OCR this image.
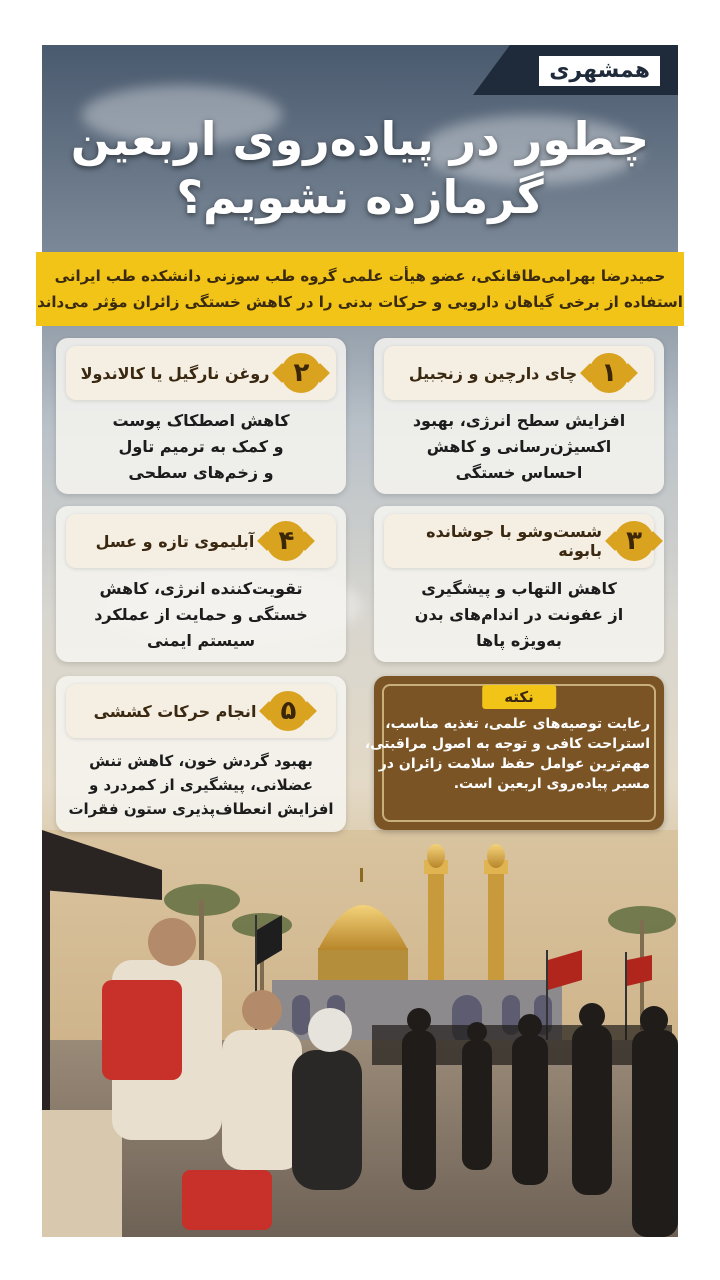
همشهری
چطور در پیاده‌روی اربعین
گرمازده نشویم؟
حمیدرضا بهرامی‌طاقانکی، عضو هیأت علمی گروه طب سوزنی دانشکده طب ایرانی
استفاده از برخی گیاهان دارویی و حرکات بدنی را در کاهش خستگی زائران مؤثر می‌داند
۱
چای دارچین و زنجبیل
افزایش سطح انرژی، بهبود
اکسیژن‌رسانی و کاهش
احساس خستگی
۲
روغن نارگیل یا کالاندولا
کاهش اصطکاک پوست
و کمک به ترمیم تاول
و زخم‌های سطحی
۳
شست‌وشو با جوشانده بابونه
کاهش التهاب و پیشگیری
از عفونت در اندام‌های بدن
به‌ویژه پاها
۴
آبلیموی تازه و عسل
تقویت‌کننده انرژی، کاهش
خستگی و حمایت از عملکرد
سیستم ایمنی
۵
انجام حرکات کششی
بهبود گردش خون، کاهش تنش
عضلانی، پیشگیری از کمردرد و
افزایش انعطاف‌پذیری ستون فقرات
نکته
رعایت توصیه‌های علمی، تغذیه مناسب،
استراحت کافی و توجه به اصول مراقبتی،
مهم‌ترین عوامل حفظ سلامت زائران در
مسیر پیاده‌روی اربعین است.
